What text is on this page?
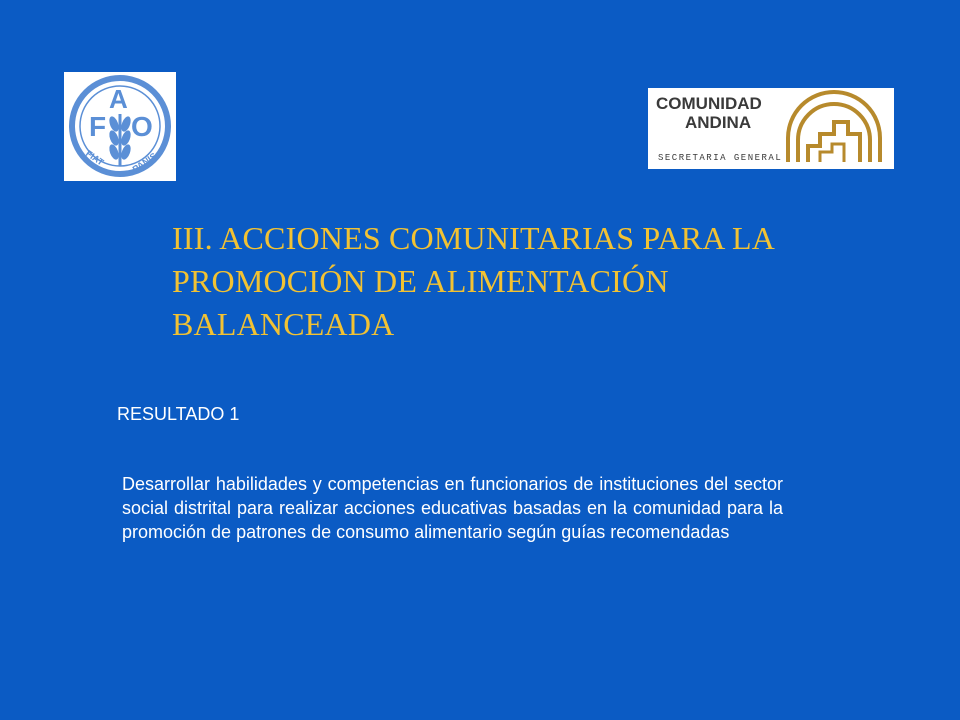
F
A
O
FIAT	PANIS
COMUNIDAD
ANDINA
SECRETARIA GENERAL
III. ACCIONES COMUNITARIAS PARA LA PROMOCIÓN DE ALIMENTACIÓN BALANCEADA

RESULTADO 1

Desarrollar habilidades y competencias en funcionarios de instituciones del sector social distrital para realizar acciones educativas basadas en la comunidad para la promoción de patrones de consumo alimentario según guías recomendadas
